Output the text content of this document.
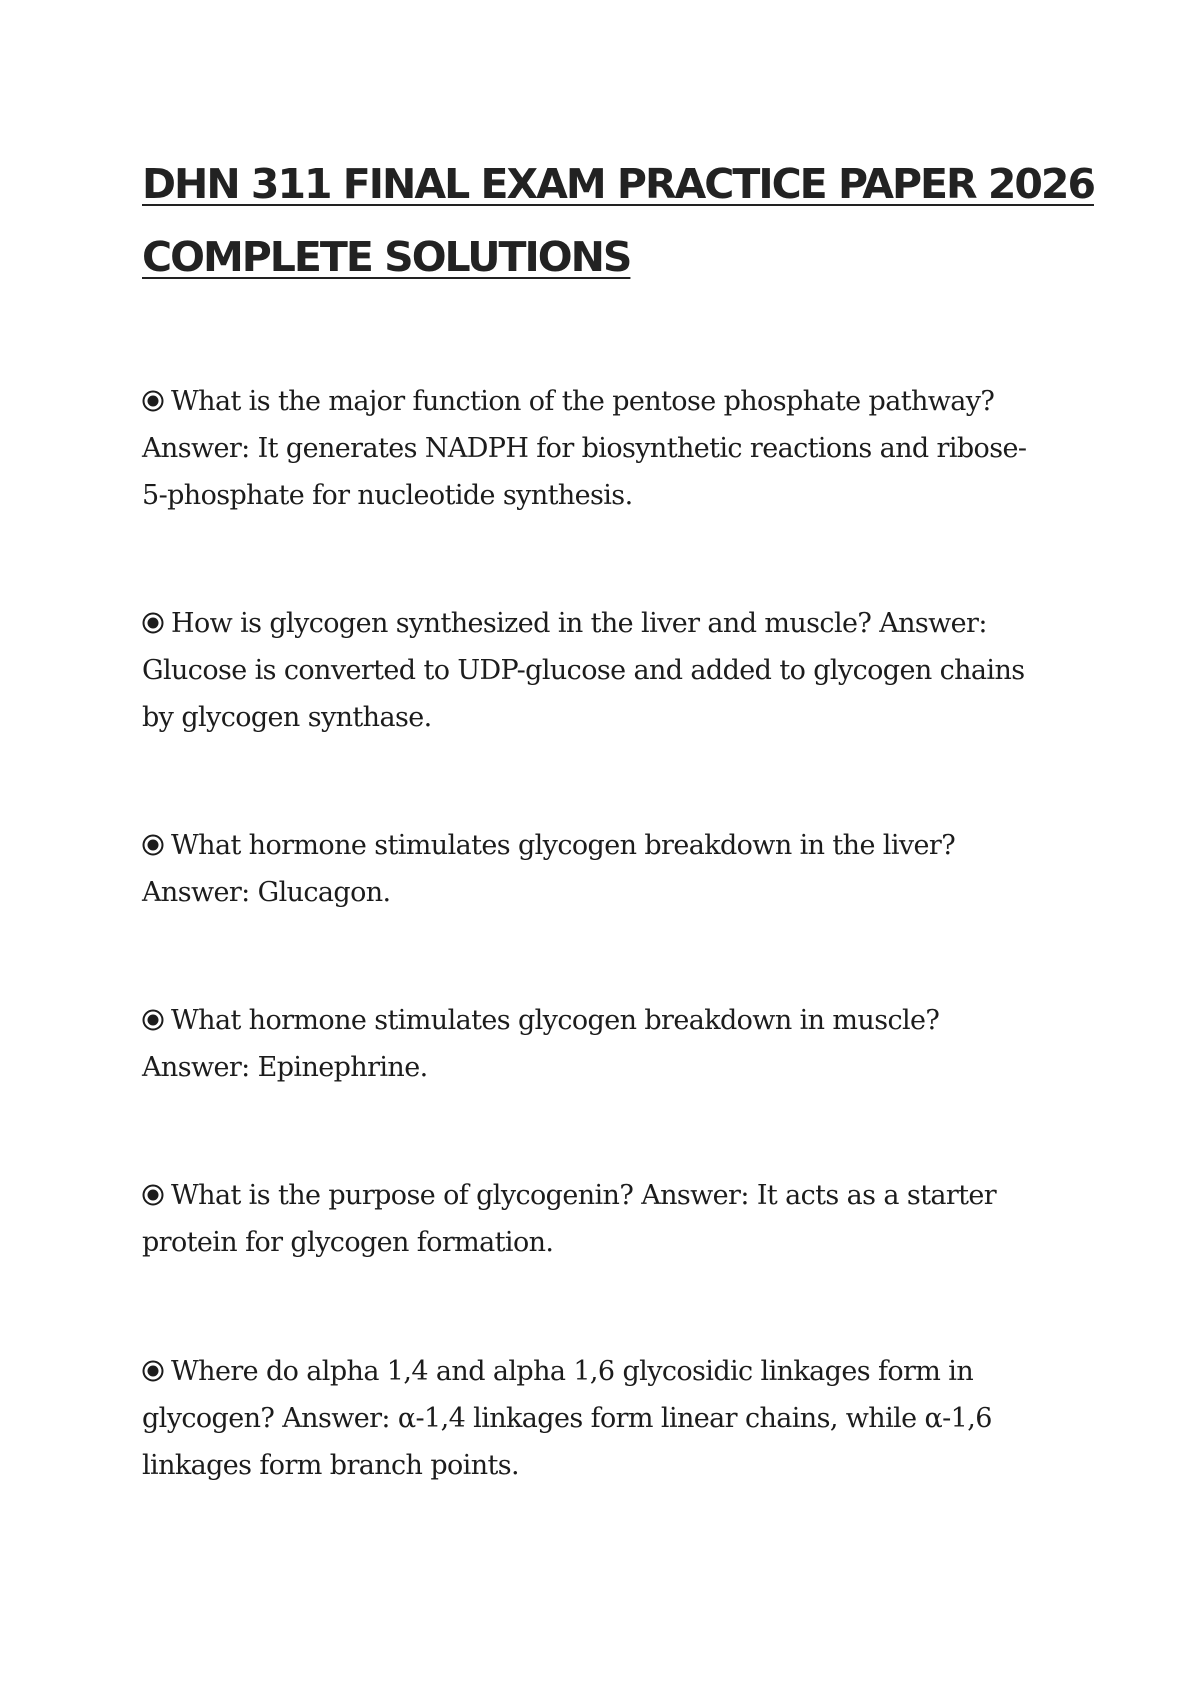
DHN 311 FINAL EXAM PRACTICE PAPER 2026
COMPLETE SOLUTIONS

What is the major function of the pentose phosphate pathway?
Answer: It generates NADPH for biosynthetic reactions and ribose-
5-phosphate for nucleotide synthesis.

How is glycogen synthesized in the liver and muscle? Answer:
Glucose is converted to UDP-glucose and added to glycogen chains
by glycogen synthase.

What hormone stimulates glycogen breakdown in the liver?
Answer: Glucagon.

What hormone stimulates glycogen breakdown in muscle?
Answer: Epinephrine.

What is the purpose of glycogenin? Answer: It acts as a starter
protein for glycogen formation.

Where do alpha 1,4 and alpha 1,6 glycosidic linkages form in
glycogen? Answer: α-1,4 linkages form linear chains, while α-1,6
linkages form branch points.
